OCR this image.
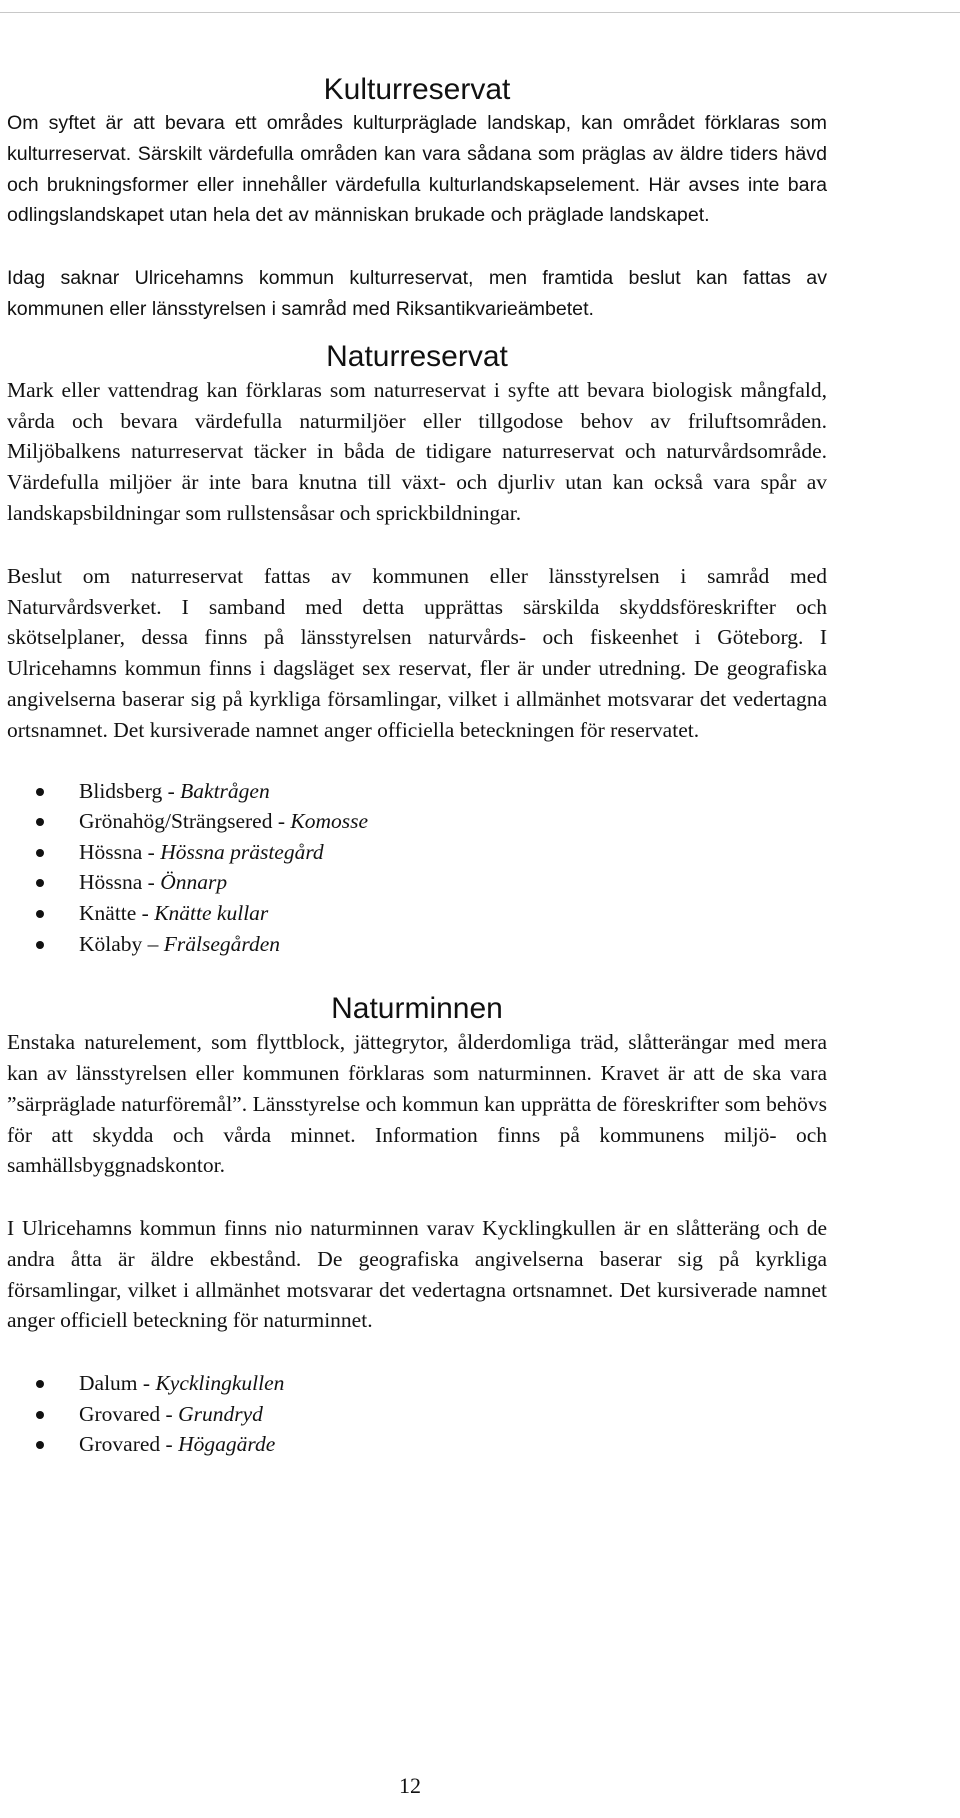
Kulturreservat

Om syftet är att bevara ett områdes kulturpräglade landskap, kan området förklaras som kulturreservat. Särskilt värdefulla områden kan vara sådana som präglas av äldre tiders hävd och brukningsformer eller innehåller värdefulla kulturlandskapselement. Här avses inte bara odlingslandskapet utan hela det av människan brukade och präglade landskapet.

Idag saknar Ulricehamns kommun kulturreservat, men framtida beslut kan fattas av kommunen eller länsstyrelsen i samråd med Riksantikvarieämbetet.

Naturreservat

Mark eller vattendrag kan förklaras som naturreservat i syfte att bevara biologisk mångfald, vårda och bevara värdefulla naturmiljöer eller tillgodose behov av friluftsområden. Miljöbalkens naturreservat täcker in båda de tidigare naturreservat och naturvårdsområde. Värdefulla miljöer är inte bara knutna till växt- och djurliv utan kan också vara spår av landskapsbildningar som rullstensåsar och sprickbildningar.

Beslut om naturreservat fattas av kommunen eller länsstyrelsen i samråd med Naturvårdsverket. I samband med detta upprättas särskilda skyddsföreskrifter och skötselplaner, dessa finns på länsstyrelsen naturvårds- och fiskeenhet i Göteborg. I Ulricehamns kommun finns i dagsläget sex reservat, fler är under utredning. De geografiska angivelserna baserar sig på kyrkliga församlingar, vilket i allmänhet motsvarar det vedertagna ortsnamnet. Det kursiverade namnet anger officiella beteckningen för reservatet.

Blidsberg - Baktrågen
Grönahög/Strängsered - Komosse
Hössna - Hössna prästegård
Hössna - Önnarp
Knätte - Knätte kullar
Kölaby – Frälsegården
Naturminnen

Enstaka naturelement, som flyttblock, jättegrytor, ålderdomliga träd, slåtterängar med mera kan av länsstyrelsen eller kommunen förklaras som naturminnen. Kravet är att de ska vara ”särpräglade naturföremål”. Länsstyrelse och kommun kan upprätta de föreskrifter som behövs för att skydda och vårda minnet. Information finns på kommunens miljö- och samhällsbyggnadskontor.

I Ulricehamns kommun finns nio naturminnen varav Kycklingkullen är en slåtteräng och de andra åtta är äldre ekbestånd. De geografiska angivelserna baserar sig på kyrkliga församlingar, vilket i allmänhet motsvarar det vedertagna ortsnamnet. Det kursiverade namnet anger officiell beteckning för naturminnet.

Dalum - Kycklingkullen
Grovared - Grundryd
Grovared - Högagärde
12
